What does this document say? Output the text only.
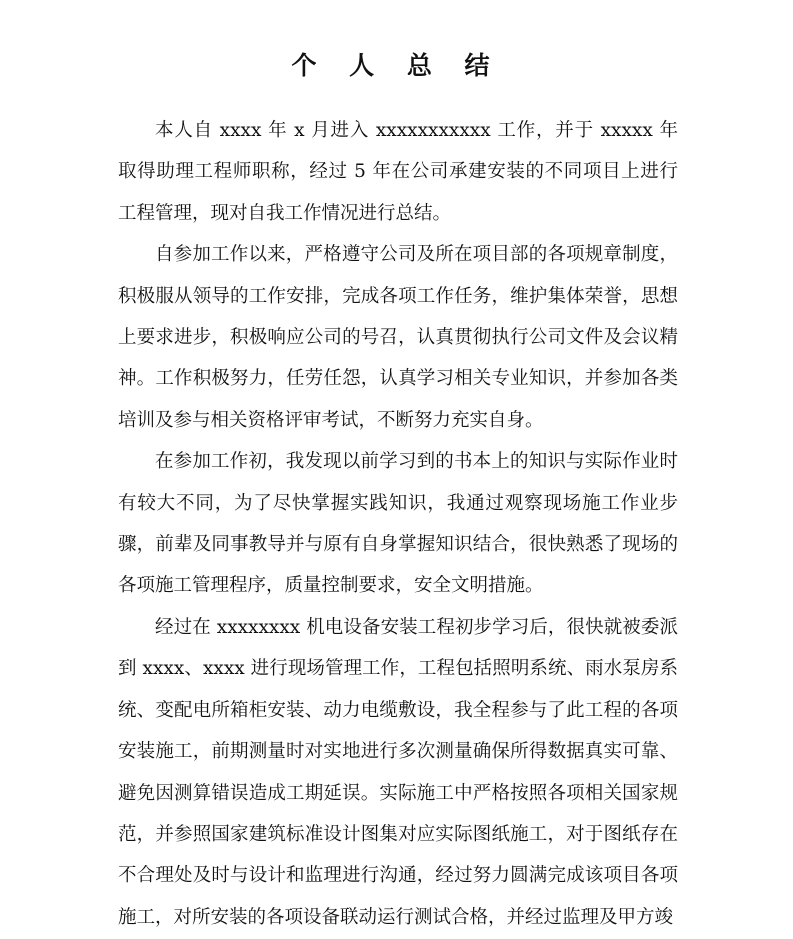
个 人 总 结

本人自 xxxx 年 x 月进入 xxxxxxxxxxx 工作，并于 xxxxx 年取得助理工程师职称，经过 5 年在公司承建安装的不同项目上进行工程管理，现对自我工作情况进行总结。

自参加工作以来，严格遵守公司及所在项目部的各项规章制度，积极服从领导的工作安排，完成各项工作任务，维护集体荣誉，思想上要求进步，积极响应公司的号召，认真贯彻执行公司文件及会议精神。工作积极努力，任劳任怨，认真学习相关专业知识，并参加各类培训及参与相关资格评审考试，不断努力充实自身。

在参加工作初，我发现以前学习到的书本上的知识与实际作业时有较大不同，为了尽快掌握实践知识，我通过观察现场施工作业步骤，前辈及同事教导并与原有自身掌握知识结合，很快熟悉了现场的各项施工管理程序，质量控制要求，安全文明措施。

经过在 xxxxxxxx 机电设备安装工程初步学习后，很快就被委派到 xxxx、xxxx 进行现场管理工作，工程包括照明系统、雨水泵房系统、变配电所箱柜安装、动力电缆敷设，我全程参与了此工程的各项安装施工，前期测量时对实地进行多次测量确保所得数据真实可靠、避免因测算错误造成工期延误。实际施工中严格按照各项相关国家规范，并参照国家建筑标准设计图集对应实际图纸施工，对于图纸存在不合理处及时与设计和监理进行沟通，经过努力圆满完成该项目各项施工，对所安装的各项设备联动运行测试合格，并经过监理及甲方竣
